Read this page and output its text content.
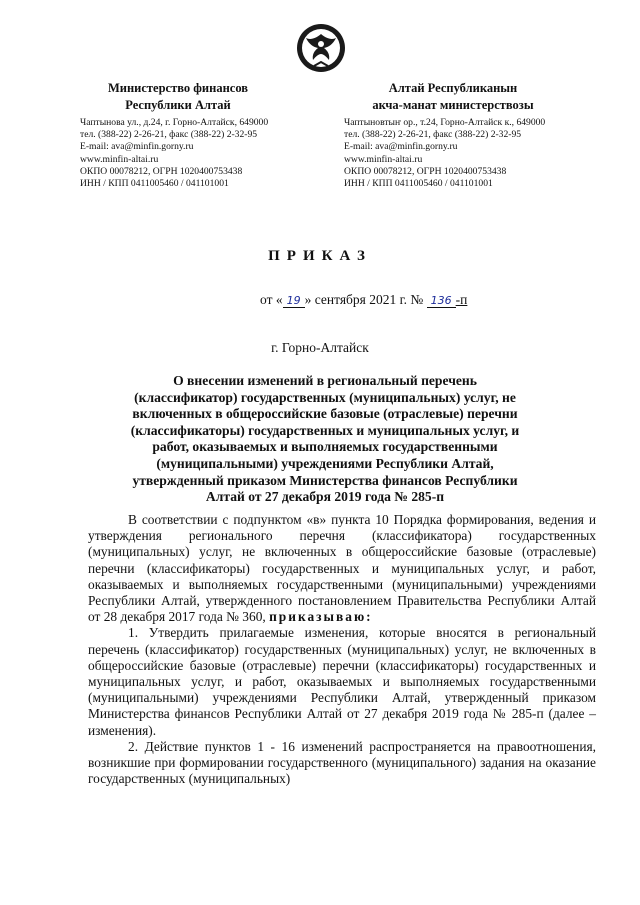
Министерство финансов
Республики Алтай
Алтай Республиканын
акча-манат министерствозы
Чаптынова ул., д.24, г. Горно-Алтайск, 649000
тел. (388-22) 2-26-21, факс (388-22) 2-32-95
E-mail: ava@minfin.gorny.ru
www.minfin-altai.ru
ОКПО 00078212, ОГРН 1020400753438
ИНН / КПП 0411005460 / 041101001
Чаптыновтыҥ ор., т.24, Горно-Алтайск к., 649000
тел. (388-22) 2-26-21, факс (388-22) 2-32-95
E-mail: ava@minfin.gorny.ru
www.minfin-altai.ru
ОКПО 00078212, ОГРН 1020400753438
ИНН / КПП 0411005460 / 041101001
ПРИКАЗ
от « 19 » сентября 2021 г. № 136 -п
г. Горно-Алтайск
О внесении изменений в региональный перечень (классификатор) государственных (муниципальных) услуг, не включенных в общероссийские базовые (отраслевые) перечни (классификаторы) государственных и муниципальных услуг, и работ, оказываемых и выполняемых государственными (муниципальными) учреждениями Республики Алтай, утвержденный приказом Министерства финансов Республики Алтай от 27 декабря 2019 года № 285-п

В соответствии с подпунктом «в» пункта 10 Порядка формирования, ведения и утверждения регионального перечня (классификатора) государственных (муниципальных) услуг, не включенных в общероссийские базовые (отраслевые) перечни (классификаторы) государственных и муниципальных услуг, и работ, оказываемых и выполняемых государственными (муниципальными) учреждениями Республики Алтай, утвержденного постановлением Правительства Республики Алтай от 28 декабря 2017 года № 360, приказываю:

1. Утвердить прилагаемые изменения, которые вносятся в региональный перечень (классификатор) государственных (муниципальных) услуг, не включенных в общероссийские базовые (отраслевые) перечни (классификаторы) государственных и муниципальных услуг, и работ, оказываемых и выполняемых государственными (муниципальными) учреждениями Республики Алтай, утвержденный приказом Министерства финансов Республики Алтай от 27 декабря 2019 года № 285-п (далее – изменения).

2. Действие пунктов 1 - 16 изменений распространяется на правоотношения, возникшие при формировании государственного (муниципального) задания на оказание государственных (муниципальных)
